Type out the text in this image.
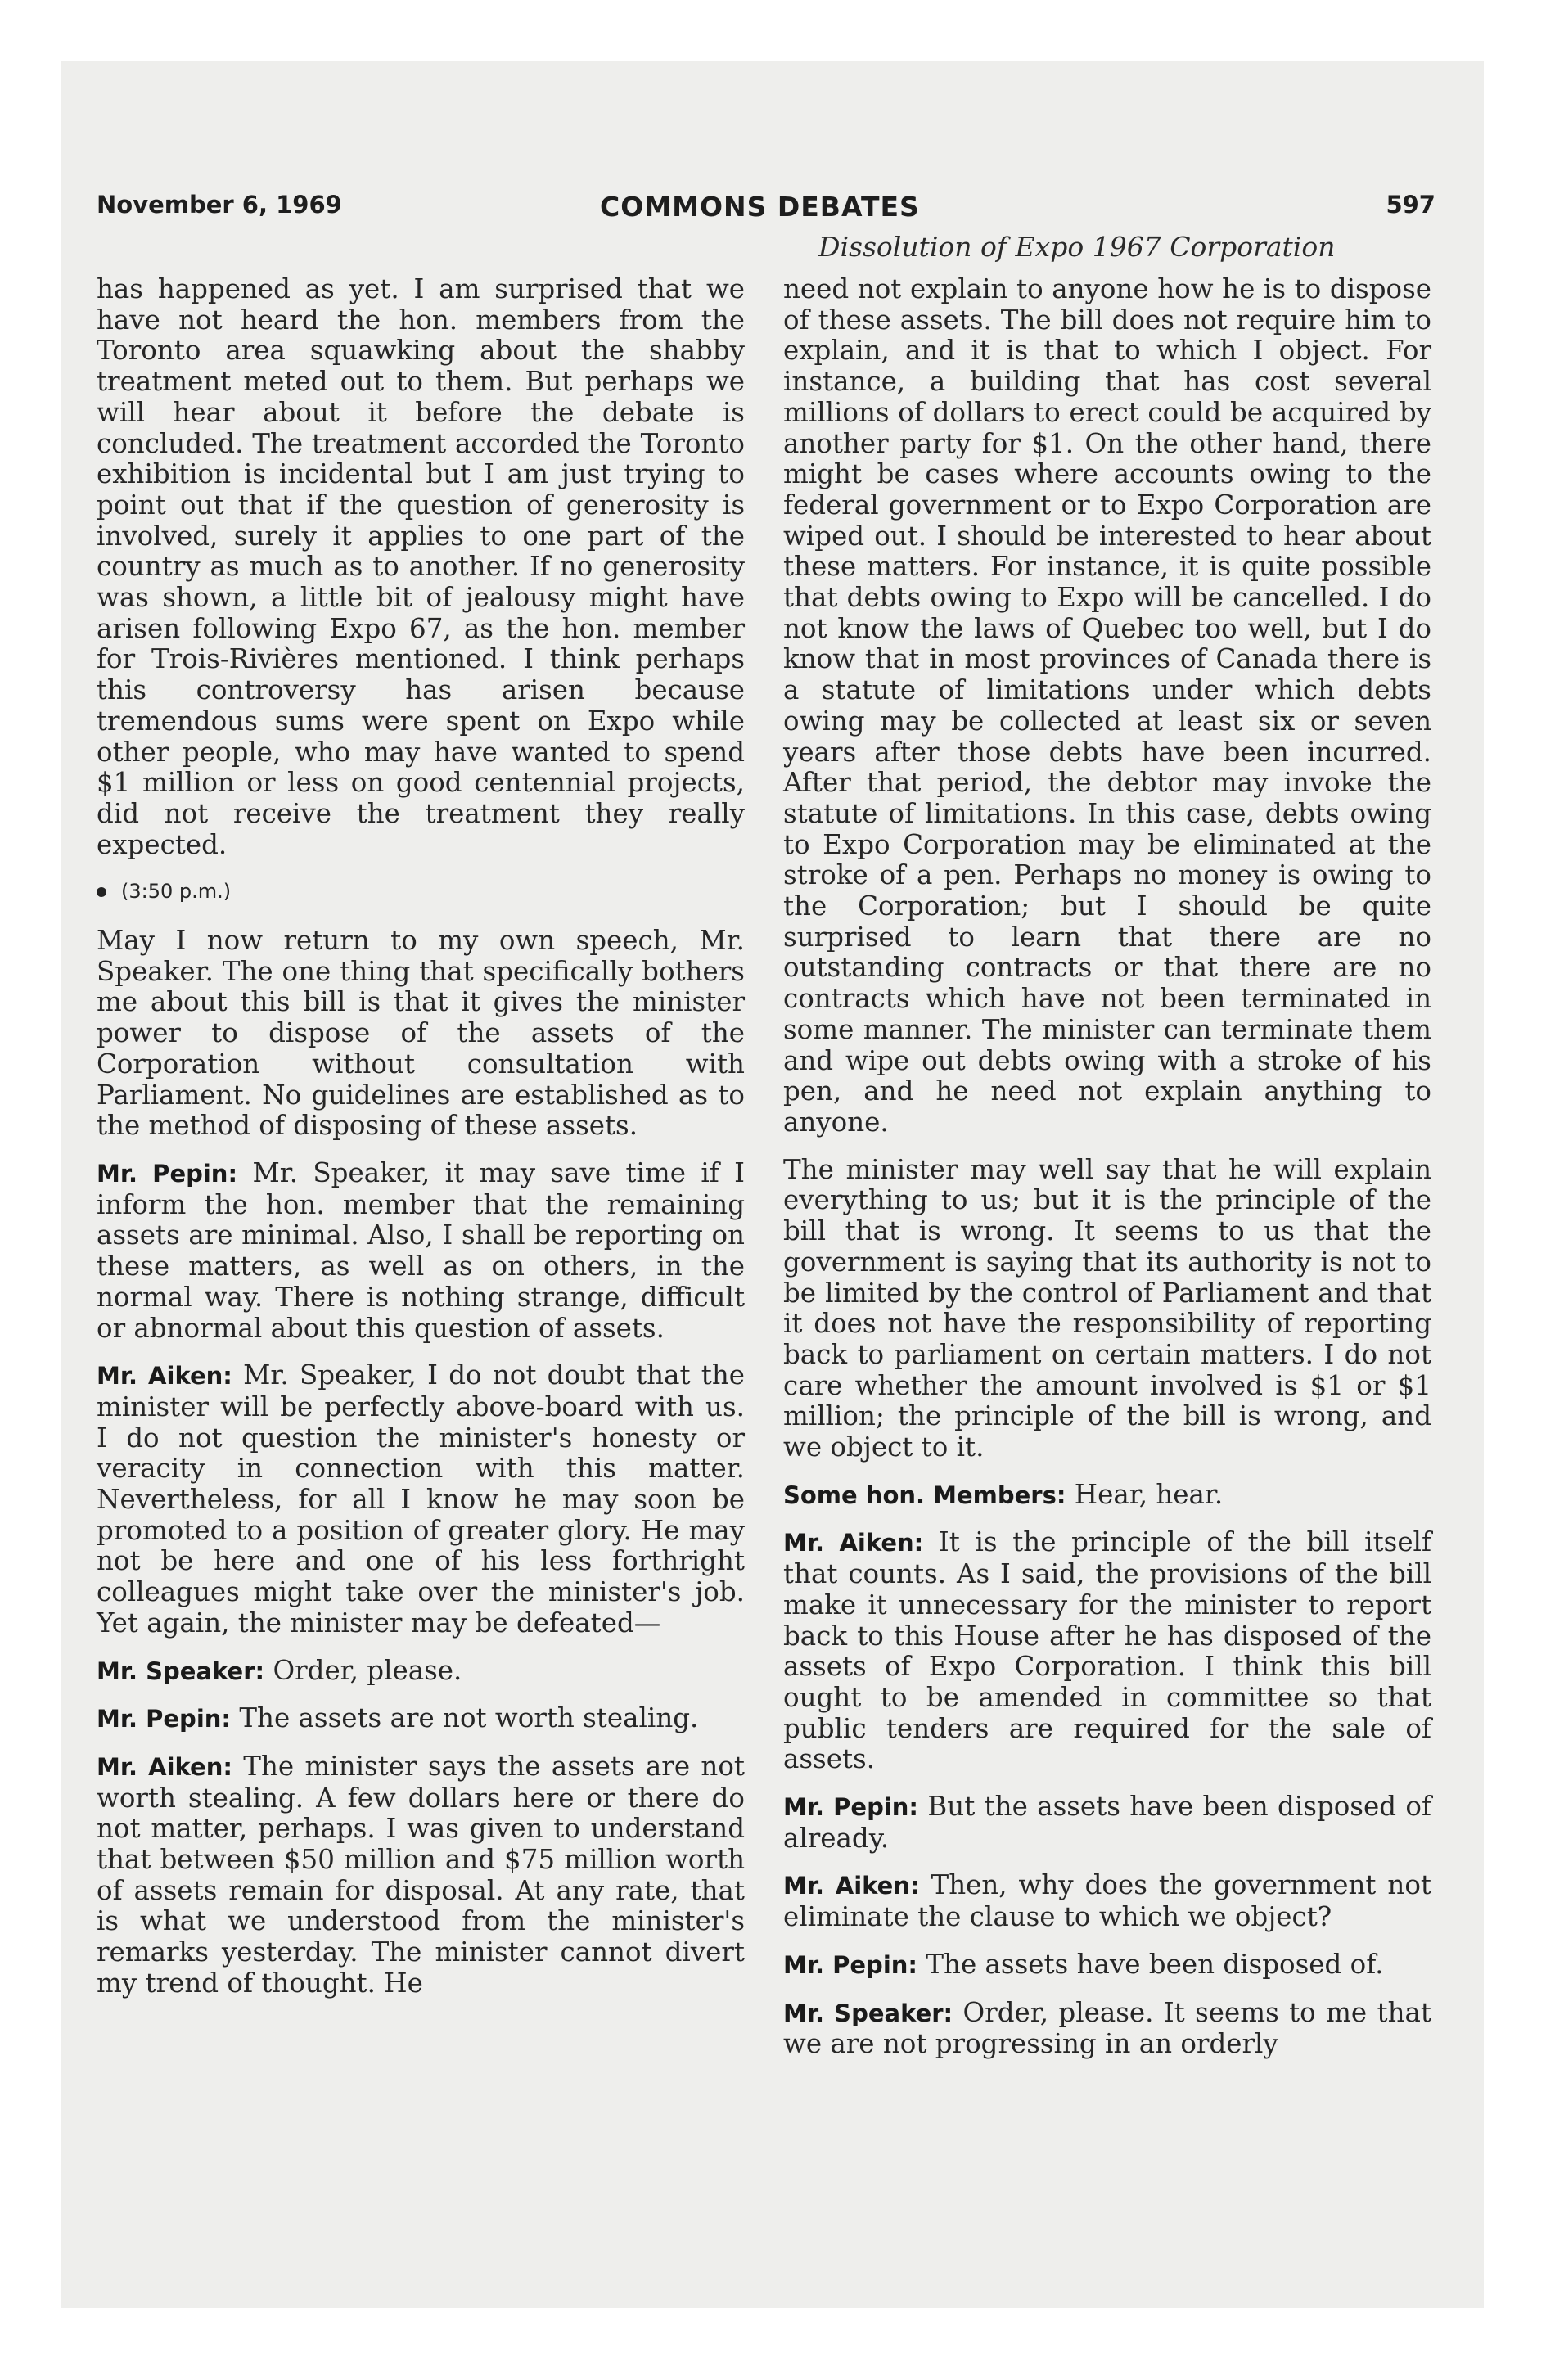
November 6, 1969	COMMONS DEBATES	597
Dissolution of Expo 1967 Corporation

has happened as yet. I am surprised that we have not heard the hon. members from the Toronto area squawking about the shabby treatment meted out to them. But perhaps we will hear about it before the debate is concluded. The treatment accorded the Toronto exhibition is incidental but I am just trying to point out that if the question of generosity is involved, surely it applies to one part of the country as much as to another. If no generosity was shown, a little bit of jealousy might have arisen following Expo 67, as the hon. member for Trois-Rivières mentioned. I think perhaps this controversy has arisen because tremendous sums were spent on Expo while other people, who may have wanted to spend $1 million or less on good centennial projects, did not receive the treatment they really expected.

(3:50 p.m.)

May I now return to my own speech, Mr. Speaker. The one thing that specifically bothers me about this bill is that it gives the minister power to dispose of the assets of the Corporation without consultation with Parliament. No guidelines are established as to the method of disposing of these assets.

Mr. Pepin: Mr. Speaker, it may save time if I inform the hon. member that the remaining assets are minimal. Also, I shall be reporting on these matters, as well as on others, in the normal way. There is nothing strange, difficult or abnormal about this question of assets.

Mr. Aiken: Mr. Speaker, I do not doubt that the minister will be perfectly above-board with us. I do not question the minister's honesty or veracity in connection with this matter. Nevertheless, for all I know he may soon be promoted to a position of greater glory. He may not be here and one of his less forthright colleagues might take over the minister's job. Yet again, the minister may be defeated—

Mr. Speaker: Order, please.

Mr. Pepin: The assets are not worth stealing.

Mr. Aiken: The minister says the assets are not worth stealing. A few dollars here or there do not matter, perhaps. I was given to understand that between $50 million and $75 million worth of assets remain for disposal. At any rate, that is what we understood from the minister's remarks yesterday. The minister cannot divert my trend of thought. He

need not explain to anyone how he is to dispose of these assets. The bill does not require him to explain, and it is that to which I object. For instance, a building that has cost several millions of dollars to erect could be acquired by another party for $1. On the other hand, there might be cases where accounts owing to the federal government or to Expo Corporation are wiped out. I should be interested to hear about these matters. For instance, it is quite possible that debts owing to Expo will be cancelled. I do not know the laws of Quebec too well, but I do know that in most provinces of Canada there is a statute of limitations under which debts owing may be collected at least six or seven years after those debts have been incurred. After that period, the debtor may invoke the statute of limitations. In this case, debts owing to Expo Corporation may be eliminated at the stroke of a pen. Perhaps no money is owing to the Corporation; but I should be quite surprised to learn that there are no outstanding contracts or that there are no contracts which have not been terminated in some manner. The minister can terminate them and wipe out debts owing with a stroke of his pen, and he need not explain anything to anyone.

The minister may well say that he will explain everything to us; but it is the principle of the bill that is wrong. It seems to us that the government is saying that its authority is not to be limited by the control of Parliament and that it does not have the responsibility of reporting back to parliament on certain matters. I do not care whether the amount involved is $1 or $1 million; the principle of the bill is wrong, and we object to it.

Some hon. Members: Hear, hear.

Mr. Aiken: It is the principle of the bill itself that counts. As I said, the provisions of the bill make it unnecessary for the minister to report back to this House after he has disposed of the assets of Expo Corporation. I think this bill ought to be amended in committee so that public tenders are required for the sale of assets.

Mr. Pepin: But the assets have been disposed of already.

Mr. Aiken: Then, why does the government not eliminate the clause to which we object?

Mr. Pepin: The assets have been disposed of.

Mr. Speaker: Order, please. It seems to me that we are not progressing in an orderly
